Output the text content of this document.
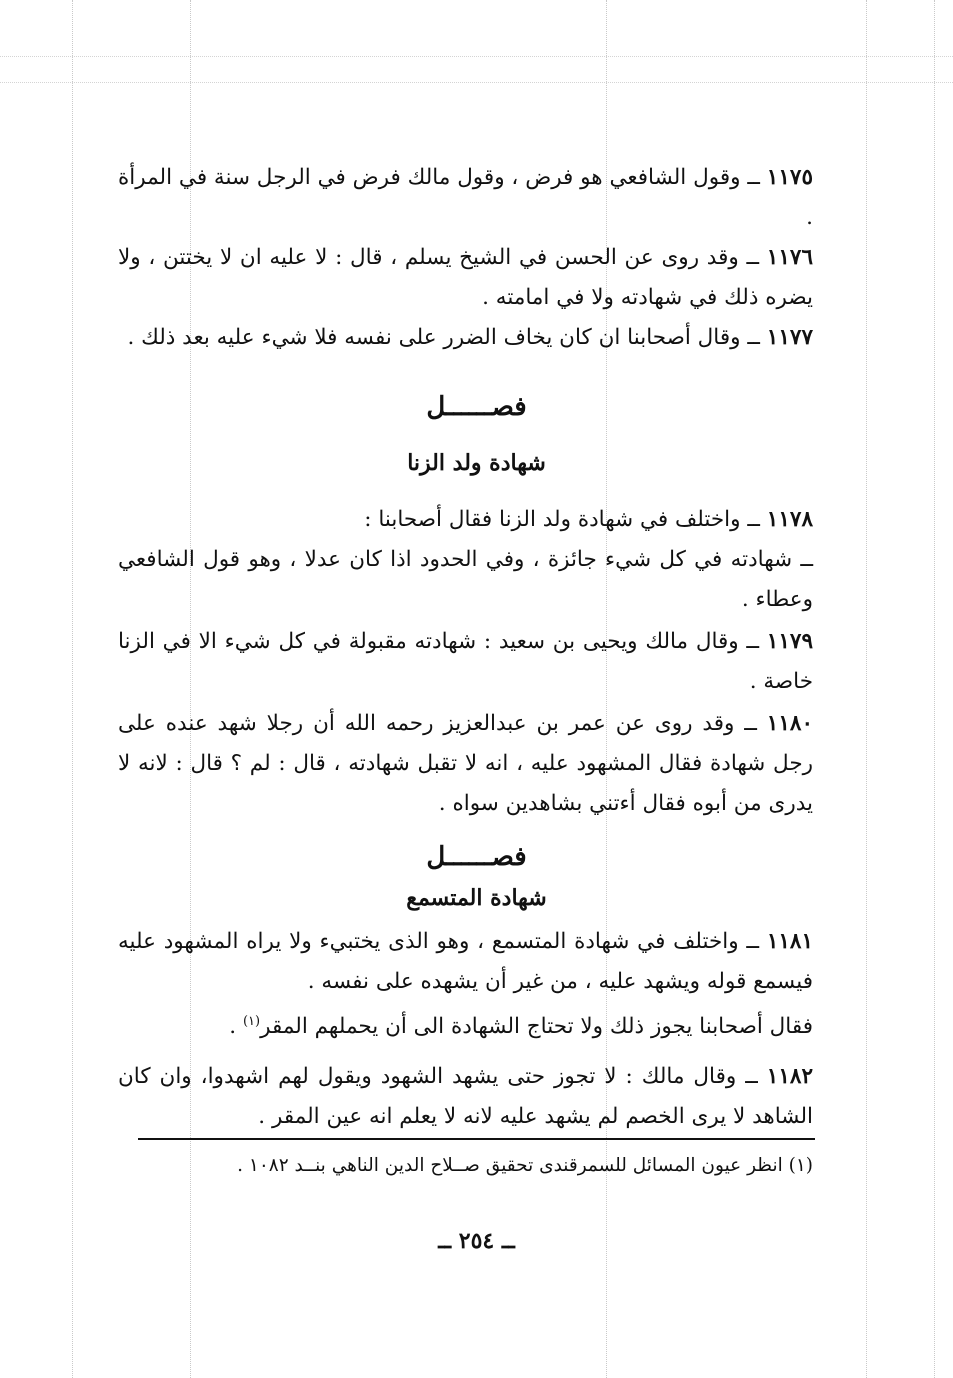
١١٧٥ ــ وقول الشافعي هو فرض ، وقول مالك فرض في الرجل سنة في المرأة .

١١٧٦ ــ وقد روى عن الحسن في الشيخ يسلم ، قال : لا عليه ان لا يختتن ، ولا يضره ذلك في شهادته ولا في امامته .

١١٧٧ ــ وقال أصحابنا ان كان يخاف الضرر على نفسه فلا شيء عليه بعد ذلك .

فصــــــل
شهادة ولد الزنا

١١٧٨ ــ واختلف في شهادة ولد الزنا فقال أصحابنا :

ــ شهادته في كل شيء جائزة ، وفي الحدود اذا كان عدلا ، وهو قول الشافعي وعطاء .

١١٧٩ ــ وقال مالك ويحيى بن سعيد : شهادته مقبولة في كل شيء الا في الزنا خاصة .

١١٨٠ ــ وقد روى عن عمر بن عبدالعزيز رحمه الله أن رجلا شهد عنده على رجل شهادة فقال المشهود عليه ، انه لا تقبل شهادته ، قال : لم ؟ قال : لانه لا يدرى من أبوه فقال أءتني بشاهدين سواه .

فصــــــل
شهادة المتسمع

١١٨١ ــ واختلف في شهادة المتسمع ، وهو الذى يختبيء ولا يراه المشهود عليه فيسمع قوله ويشهد عليه ، من غير أن يشهده على نفسه .

فقال أصحابنا يجوز ذلك ولا تحتاج الشهادة الى أن يحملهم المقر$^{(١)}$ .

١١٨٢ ــ وقال مالك : لا تجوز حتى يشهد الشهود ويقول لهم اشهدوا، وان كان الشاهد لا يرى الخصم لم يشهد عليه لانه لا يعلم انه عين المقر .

(١) انظر عيون المسائل للسمرقندى تحقيق صــلاح الدين الناهي بنــد ١٠٨٢ .

ــ ٢٥٤ ــ
